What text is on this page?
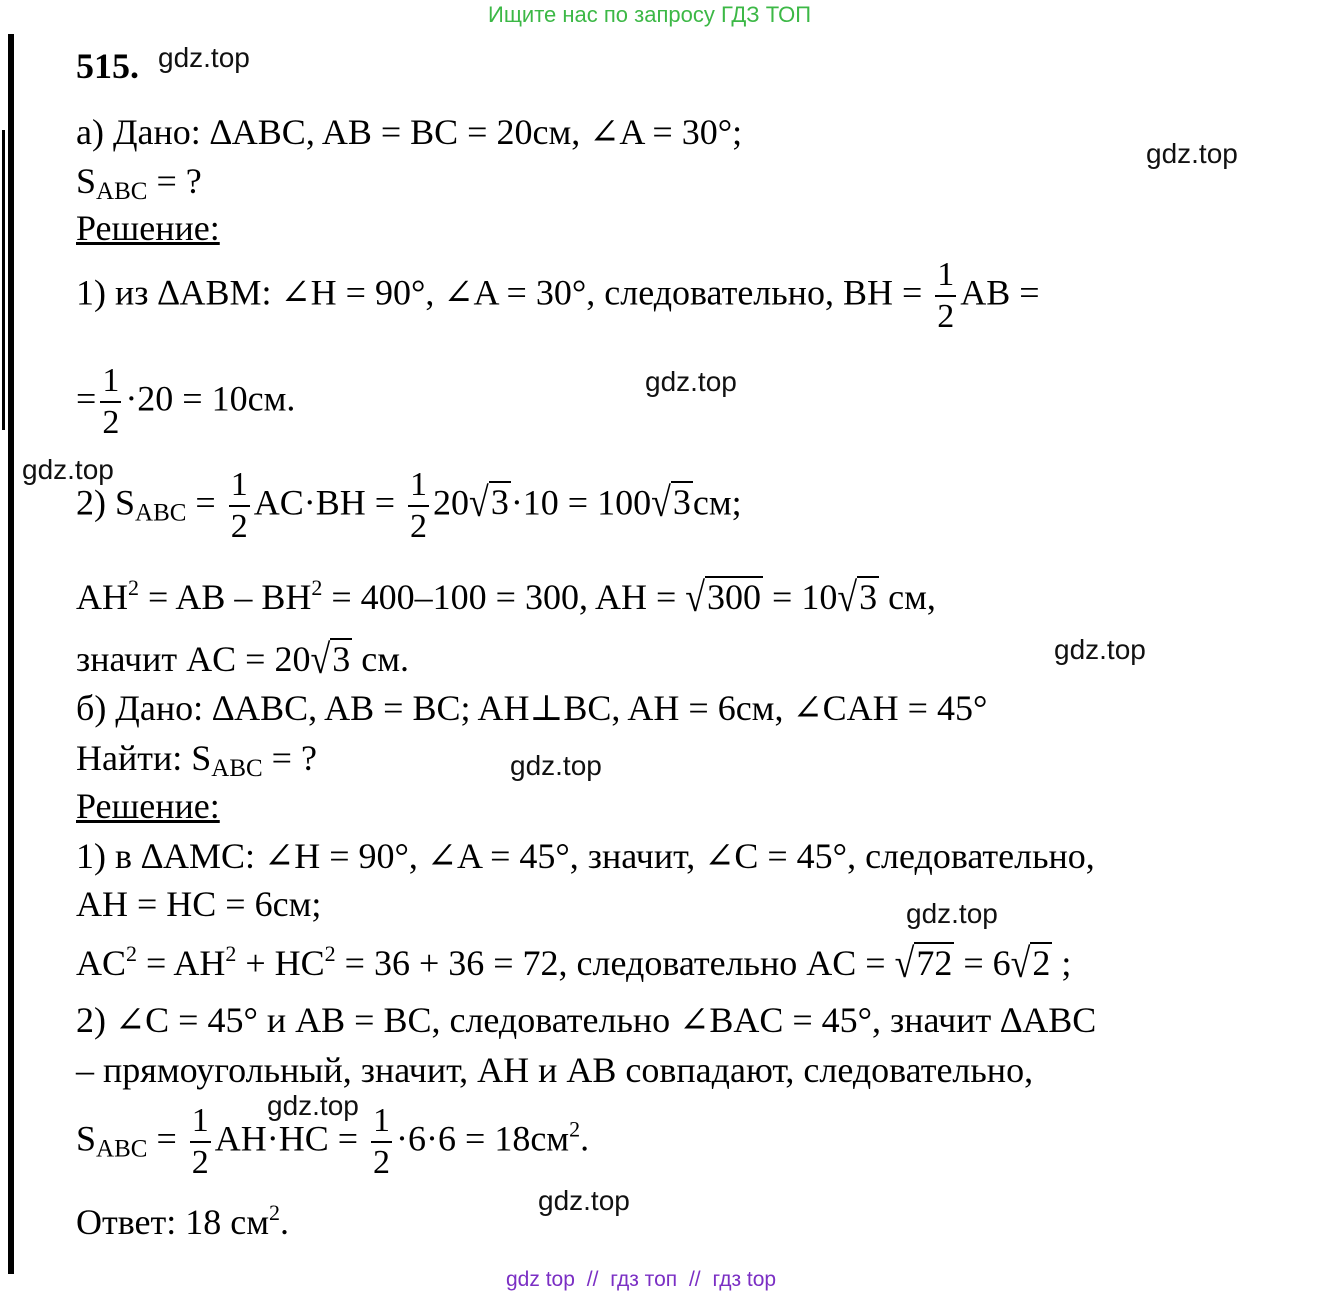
Ищите нас по запросу ГДЗ ТОП
gdz.top
gdz.top
gdz.top
gdz.top
gdz.top
gdz.top
gdz.top
gdz.top
gdz.top
515.
а) Дано: ∆ABC, AB = BC = 20см, ∠A = 30°;
$S_{ABC}$ = ?
Решение:
1) из ∆ABM: ∠H = 90°, ∠A = 30°, следовательно, BH = $\frac{1}{2}$ AB =
= $\frac{1}{2} \cdot 20 = 10см$.
2) $S_{ABC} = \frac{1}{2} AC\cdot BH = \frac{1}{2} 20√3\cdot 10 = 100√3см$;
$AH^2$ = AB – $BH^2 = 400-100 = 300$, AH = √300 = 10√3 см,
значит AC = 20√3 см.
б) Дано: ∆ABC, AB = BC; AH⊥BC, AH = 6см, ∠CAH = 45°
Найти: $S_{ABC}$ = ?
Решение:
1) в ∆AMC: ∠H = 90°, ∠A = 45°, значит, ∠C = 45°, следовательно,
AH = HC = 6см;
$AC^2 = AH^2 + HC^2 = 36 + 36 = 72$, следовательно AC = √72 = 6√2 ;
2) ∠C = 45° и AB = BC, следовательно ∠BAC = 45°, значит ∆ABC
– прямоугольный, значит, AH и AB совпадают, следовательно,
$S_{ABC} = \frac{1}{2} AH\cdot HC = \frac{1}{2} \cdot 6\cdot 6 = 18см^2$.
Ответ: 18 $см^2$.
gdz top // гдз топ // гдз top
